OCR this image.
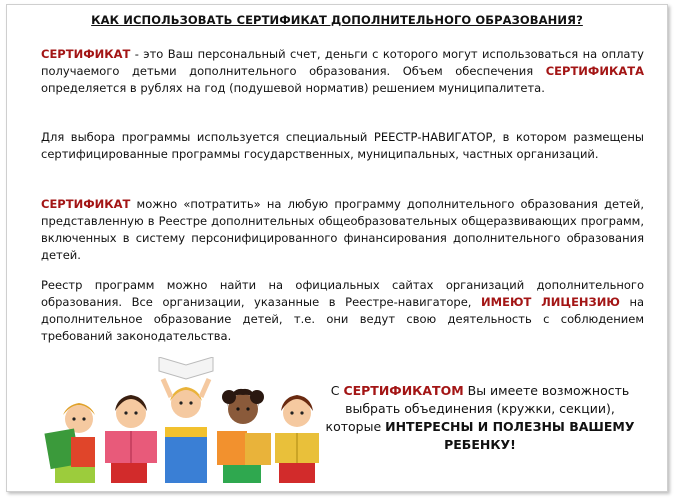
КАК ИСПОЛЬЗОВАТЬ СЕРТИФИКАТ ДОПОЛНИТЕЛЬНОГО ОБРАЗОВАНИЯ?

СЕРТИФИКАТ - это Ваш персональный счет, деньги с которого могут использоваться на оплату получаемого детьми дополнительного образования. Объем обеспечения СЕРТИФИКАТА определяется в рублях на год (подушевой норматив) решением муниципалитета.

Для выбора программы используется специальный РЕЕСТР-НАВИГАТОР, в котором размещены сертифицированные программы государственных, муниципальных, частных организаций.

СЕРТИФИКАТ можно «потратить» на любую программу дополнительного образования детей, представленную в Реестре дополнительных общеобразовательных общеразвивающих программ, включенных в систему персонифицированного финансирования дополнительного образования детей.

Реестр программ можно найти на официальных сайтах организаций дополнительного образования. Все организации, указанные в Реестре-навигаторе, ИМЕЮТ ЛИЦЕНЗИЮ на дополнительное образование детей, т.е. они ведут свою деятельность с соблюдением требований законодательства.

С СЕРТИФИКАТОМ Вы имеете возможность выбрать объединения (кружки, секции), которые ИНТЕРЕСНЫ И ПОЛЕЗНЫ ВАШЕМУ РЕБЕНКУ!
